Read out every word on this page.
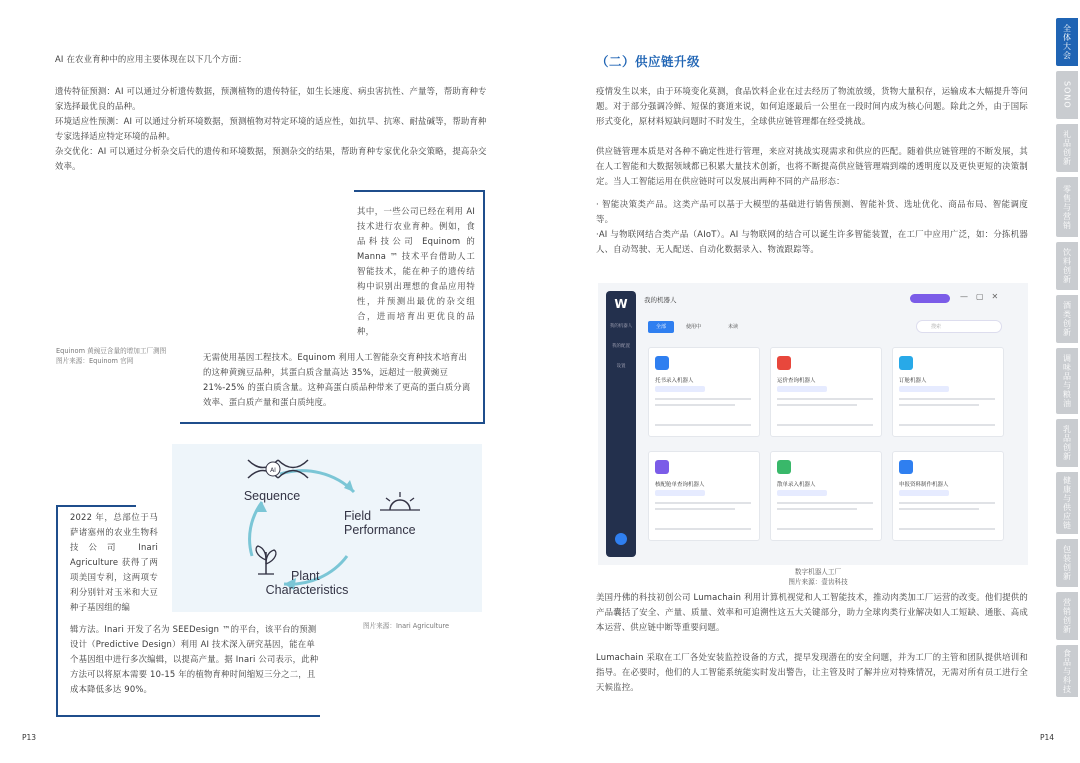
AI 在农业育种中的应用主要体现在以下几个方面：

遗传特征预测：AI 可以通过分析遗传数据，预测植物的遗传特征，如生长速度、病虫害抗性、产量等，帮助育种专家选择最优良的品种。

环境适应性预测：AI 可以通过分析环境数据，预测植物对特定环境的适应性，如抗旱、抗寒、耐盐碱等，帮助育种专家选择适应特定环境的品种。

杂交优化：AI 可以通过分析杂交后代的遗传和环境数据，预测杂交的结果，帮助育种专家优化杂交策略，提高杂交效率。

其中，一些公司已经在利用 AI 技术进行农业育种。例如，食品科技公司 Equinom 的 Manna ™ 技术平台借助人工智能技术，能在种子的遗传结构中识别出理想的食品应用特性，并预测出最优的杂交组合，进而培育出更优良的品种，
无需使用基因工程技术。Equinom 利用人工智能杂交育种技术培育出的这种黄豌豆品种，其蛋白质含量高达 35%，远超过一般黄豌豆 21%-25% 的蛋白质含量。这种高蛋白质品种带来了更高的蛋白质分离效率、蛋白质产量和蛋白质纯度。
Equinom 黄豌豆含量的增加工厂测图
图片来源：Equinom 官网
AI
Sequence
Field Performance
Plant Characteristics
图片来源：Inari Agriculture
2022 年，总部位于马萨诸塞州的农业生物科技公司 Inari Agriculture 获得了两项美国专利，这两项专利分别针对玉米和大豆种子基因组的编
辑方法。Inari 开发了名为 SEEDesign ™的平台，该平台的预测设计（Predictive Design）利用 AI 技术深入研究基因，能在单个基因组中进行多次编辑，以提高产量。据 Inari 公司表示，此种方法可以将原本需要 10-15 年的植物育种时间缩短三分之二，且成本降低多达 90%。
P13
（二）供应链升级

疫情发生以来，由于环境变化莫测，食品饮料企业在过去经历了物流放缓，货物大量积存，运输成本大幅提升等问题。对于部分强调冷鲜、短保的赛道来说，如何追逐最后一公里在一段时间内成为核心问题。除此之外，由于国际形式变化，原材料短缺问题时不时发生，全球供应链管理都在经受挑战。

供应链管理本质是对各种不确定性进行管理，来应对挑战实现需求和供应的匹配。随着供应链管理的不断发展，其在人工智能和大数据领域都已积累大量技术创新，也将不断提高供应链管理端到端的透明度以及更快更短的决策制定。当人工智能运用在供应链时可以发展出两种不同的产品形态：

· 智能决策类产品。这类产品可以基于大模型的基础进行销售预测、智能补货、选址优化、商品布局、智能调度等。
·AI 与物联网结合类产品（AIoT）。AI 与物联网的结合可以诞生许多智能装置，在工厂中应用广泛，如：分拣机器人、自动驾驶、无人配送、自动化数据录入、物流跟踪等。

W
我的机器人
我的配置
设置
我的机器人	—▢✕
全部	使用中	未读	搜索
托书录入机器人	运价查询机器人	订舱机器人
核配舱单查询机器人	散单录入机器人	申报资料制作机器人
数字机器人工厂
图片来源：壹齿科技

美国丹佛的科技初创公司 Lumachain 利用计算机视觉和人工智能技术，推动肉类加工厂运营的改变。他们提供的产品囊括了安全、产量、质量、效率和可追溯性这五大关键部分，助力全球肉类行业解决如人工短缺、通胀、高成本运营、供应链中断等重要问题。

Lumachain 采取在工厂各处安装监控设备的方式，提早发现潜在的安全问题，并为工厂的主管和团队提供培训和指导。在必要时，他们的人工智能系统能实时发出警告，让主管及时了解并应对特殊情况，无需对所有员工进行全天候监控。

P14
全体大会
SONO
礼品创新
零售与营销
饮料创新
酒类创新
调味品与粮油
乳品创新
健康与供应链
包装创新
营销创新
食品与科技
